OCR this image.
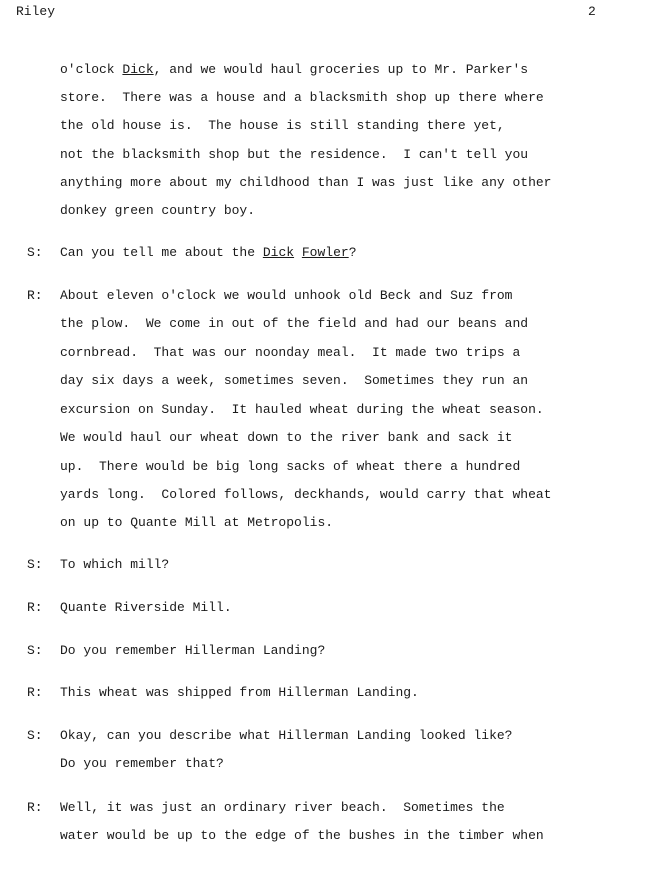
Riley	2
o'clock Dick, and we would haul groceries up to Mr. Parker's
store.  There was a house and a blacksmith shop up there where
the old house is.  The house is still standing there yet,
not the blacksmith shop but the residence.  I can't tell you
anything more about my childhood than I was just like any other
donkey green country boy.
S: Can you tell me about the Dick Fowler?
R: About eleven o'clock we would unhook old Beck and Suz from
the plow.  We come in out of the field and had our beans and
cornbread.  That was our noonday meal.  It made two trips a
day six days a week, sometimes seven.  Sometimes they run an
excursion on Sunday.  It hauled wheat during the wheat season.
We would haul our wheat down to the river bank and sack it
up.  There would be big long sacks of wheat there a hundred
yards long.  Colored follows, deckhands, would carry that wheat
on up to Quante Mill at Metropolis.
S: To which mill?
R: Quante Riverside Mill.
S: Do you remember Hillerman Landing?
R: This wheat was shipped from Hillerman Landing.
S: Okay, can you describe what Hillerman Landing looked like?
Do you remember that?
R: Well, it was just an ordinary river beach.  Sometimes the
water would be up to the edge of the bushes in the timber when
